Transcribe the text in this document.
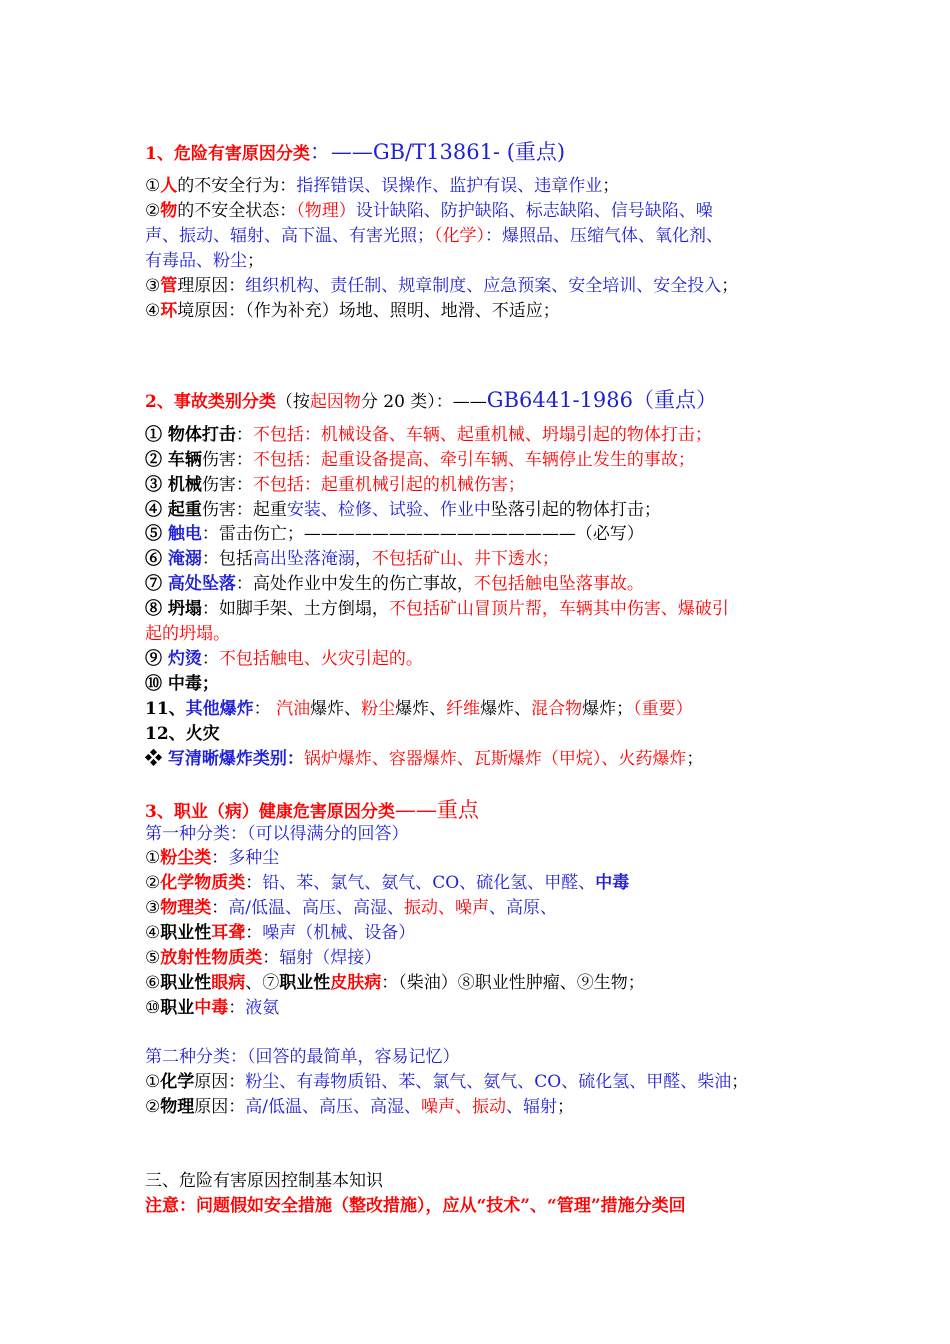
1、危险有害原因分类：——GB/T13861- (重点)
①人的不安全行为：指挥错误、误操作、监护有误、违章作业；
②物的不安全状态：（物理）设计缺陷、防护缺陷、标志缺陷、信号缺陷、噪
声、振动、辐射、高下温、有害光照；（化学）：爆照品、压缩气体、氧化剂、
有毒品、粉尘；
③管理原因：组织机构、责任制、规章制度、应急预案、安全培训、安全投入；
④环境原因：（作为补充）场地、照明、地滑、不适应；
2、事故类别分类（按起因物分 20 类）：——GB6441-1986（重点）
① 物体打击：不包括：机械设备、车辆、起重机械、坍塌引起的物体打击；
② 车辆伤害：不包括：起重设备提高、牵引车辆、车辆停止发生的事故；
③ 机械伤害：不包括：起重机械引起的机械伤害；
④ 起重伤害：起重安装、检修、试验、作业中坠落引起的物体打击；
⑤ 触电：雷击伤亡；————————————————（必写）
⑥ 淹溺：包括高出坠落淹溺，不包括矿山、井下透水；
⑦ 高处坠落：高处作业中发生的伤亡事故，不包括触电坠落事故。
⑧ 坍塌：如脚手架、土方倒塌，不包括矿山冒顶片帮，车辆其中伤害、爆破引
起的坍塌。
⑨ 灼烫：不包括触电、火灾引起的。
⑩ 中毒；
11、其他爆炸： 汽油爆炸、粉尘爆炸、纤维爆炸、混合物爆炸；（重要）
12、火灾
❖ 写清晰爆炸类别：锅炉爆炸、容器爆炸、瓦斯爆炸（甲烷）、火药爆炸；
3、职业（病）健康危害原因分类——重点
第一种分类：（可以得满分的回答）
①粉尘类：多种尘
②化学物质类：铅、苯、氯气、氨气、CO、硫化氢、甲醛、中毒
③物理类：高/低温、高压、高湿、振动、噪声、高原、
④职业性耳聋：噪声（机械、设备）
⑤放射性物质类：辐射（焊接）
⑥职业性眼病、⑦职业性皮肤病：（柴油）⑧职业性肿瘤、⑨生物；
⑩职业中毒：液氨
第二种分类：（回答的最简单，容易记忆）
①化学原因：粉尘、有毒物质铅、苯、氯气、氨气、CO、硫化氢、甲醛、柴油；
②物理原因：高/低温、高压、高湿、噪声、振动、辐射；
三、危险有害原因控制基本知识
注意：问题假如安全措施（整改措施），应从“技术”、“管理”措施分类回
